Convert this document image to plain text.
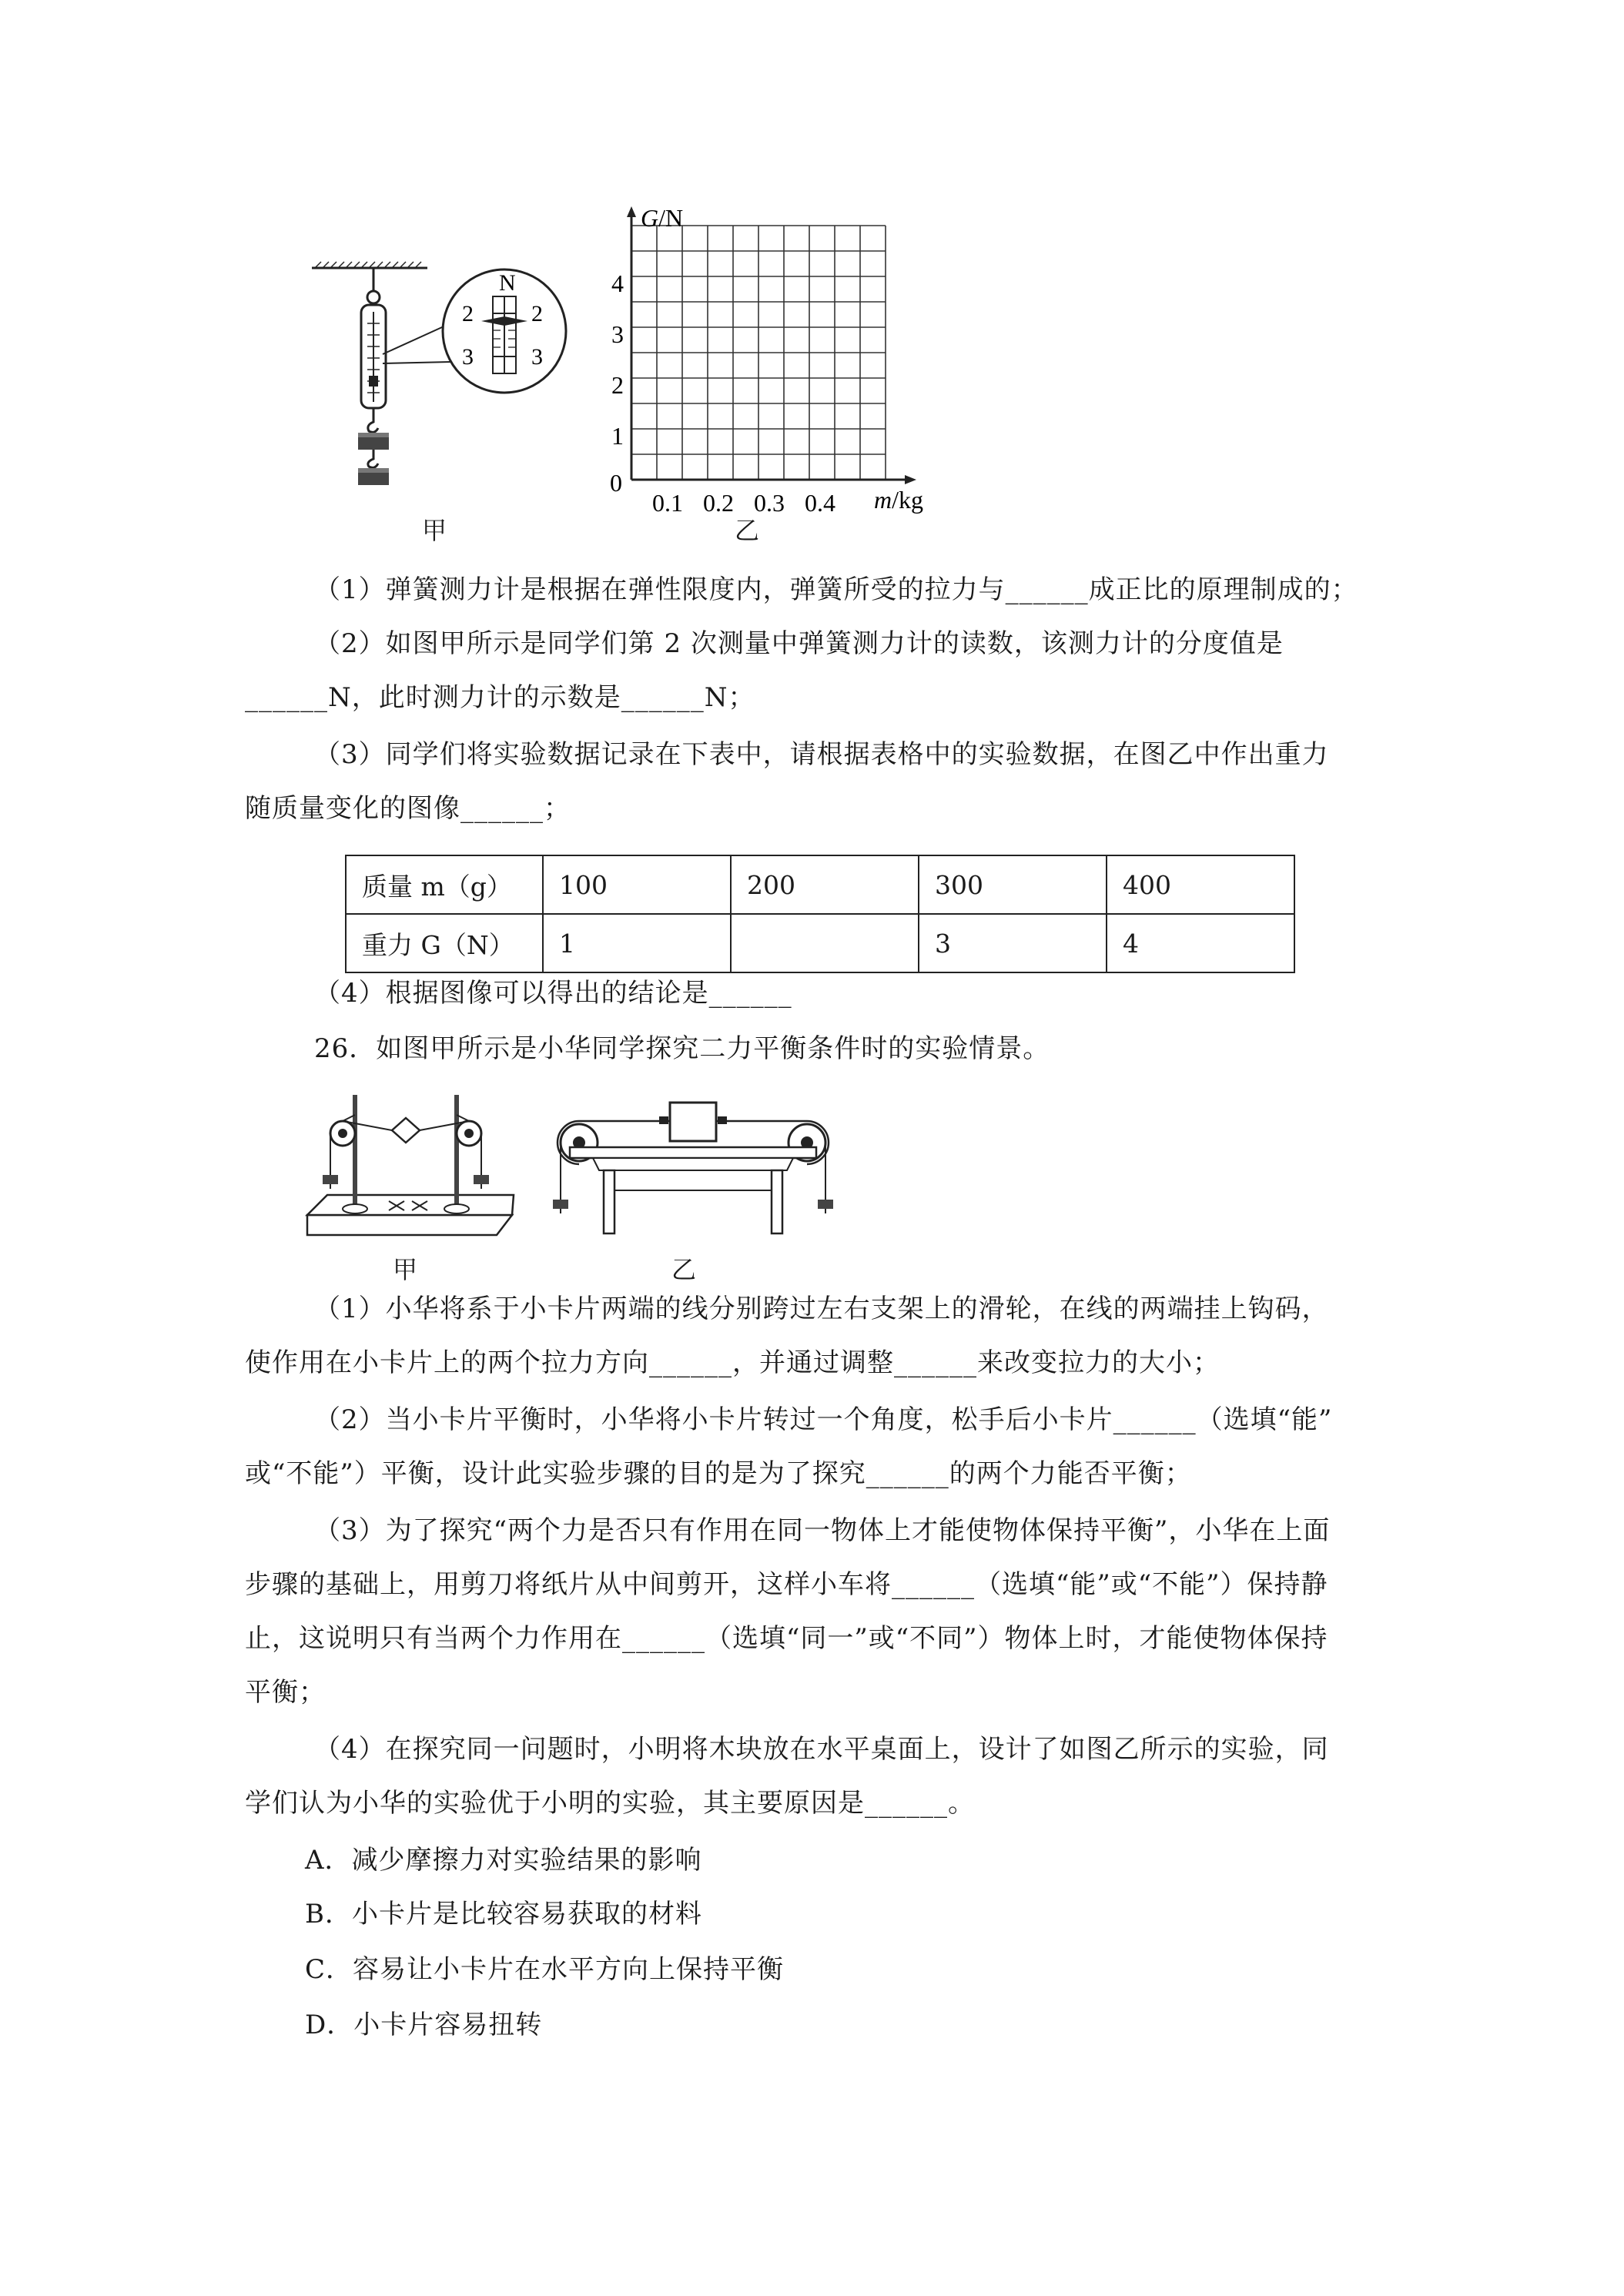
N
2	2
3	3
甲
G/N
0
1
2
3
4
0.1 0.2 0.3 0.4 m/kg
乙
（1）弹簧测力计是根据在弹性限度内，弹簧所受的拉力与______成正比的原理制成的；
（2）如图甲所示是同学们第 2 次测量中弹簧测力计的读数，该测力计的分度值是
______N，此时测力计的示数是______N；
（3）同学们将实验数据记录在下表中，请根据表格中的实验数据，在图乙中作出重力
随质量变化的图像______；
质量 m（g）	100	200	300	400
重力 G（N）	1		3	4
（4）根据图像可以得出的结论是______
26．如图甲所示是小华同学探究二力平衡条件时的实验情景。
甲	乙
（1）小华将系于小卡片两端的线分别跨过左右支架上的滑轮，在线的两端挂上钩码，
使作用在小卡片上的两个拉力方向______，并通过调整______来改变拉力的大小；
（2）当小卡片平衡时，小华将小卡片转过一个角度，松手后小卡片______（选填“能”
或“不能”）平衡，设计此实验步骤的目的是为了探究______的两个力能否平衡；
（3）为了探究“两个力是否只有作用在同一物体上才能使物体保持平衡”，小华在上面
步骤的基础上，用剪刀将纸片从中间剪开，这样小车将______（选填“能”或“不能”）保持静
止，这说明只有当两个力作用在______（选填“同一”或“不同”）物体上时，才能使物体保持
平衡；
（4）在探究同一问题时，小明将木块放在水平桌面上，设计了如图乙所示的实验，同
学们认为小华的实验优于小明的实验，其主要原因是______。
A．减少摩擦力对实验结果的影响
B．小卡片是比较容易获取的材料
C．容易让小卡片在水平方向上保持平衡
D．小卡片容易扭转
